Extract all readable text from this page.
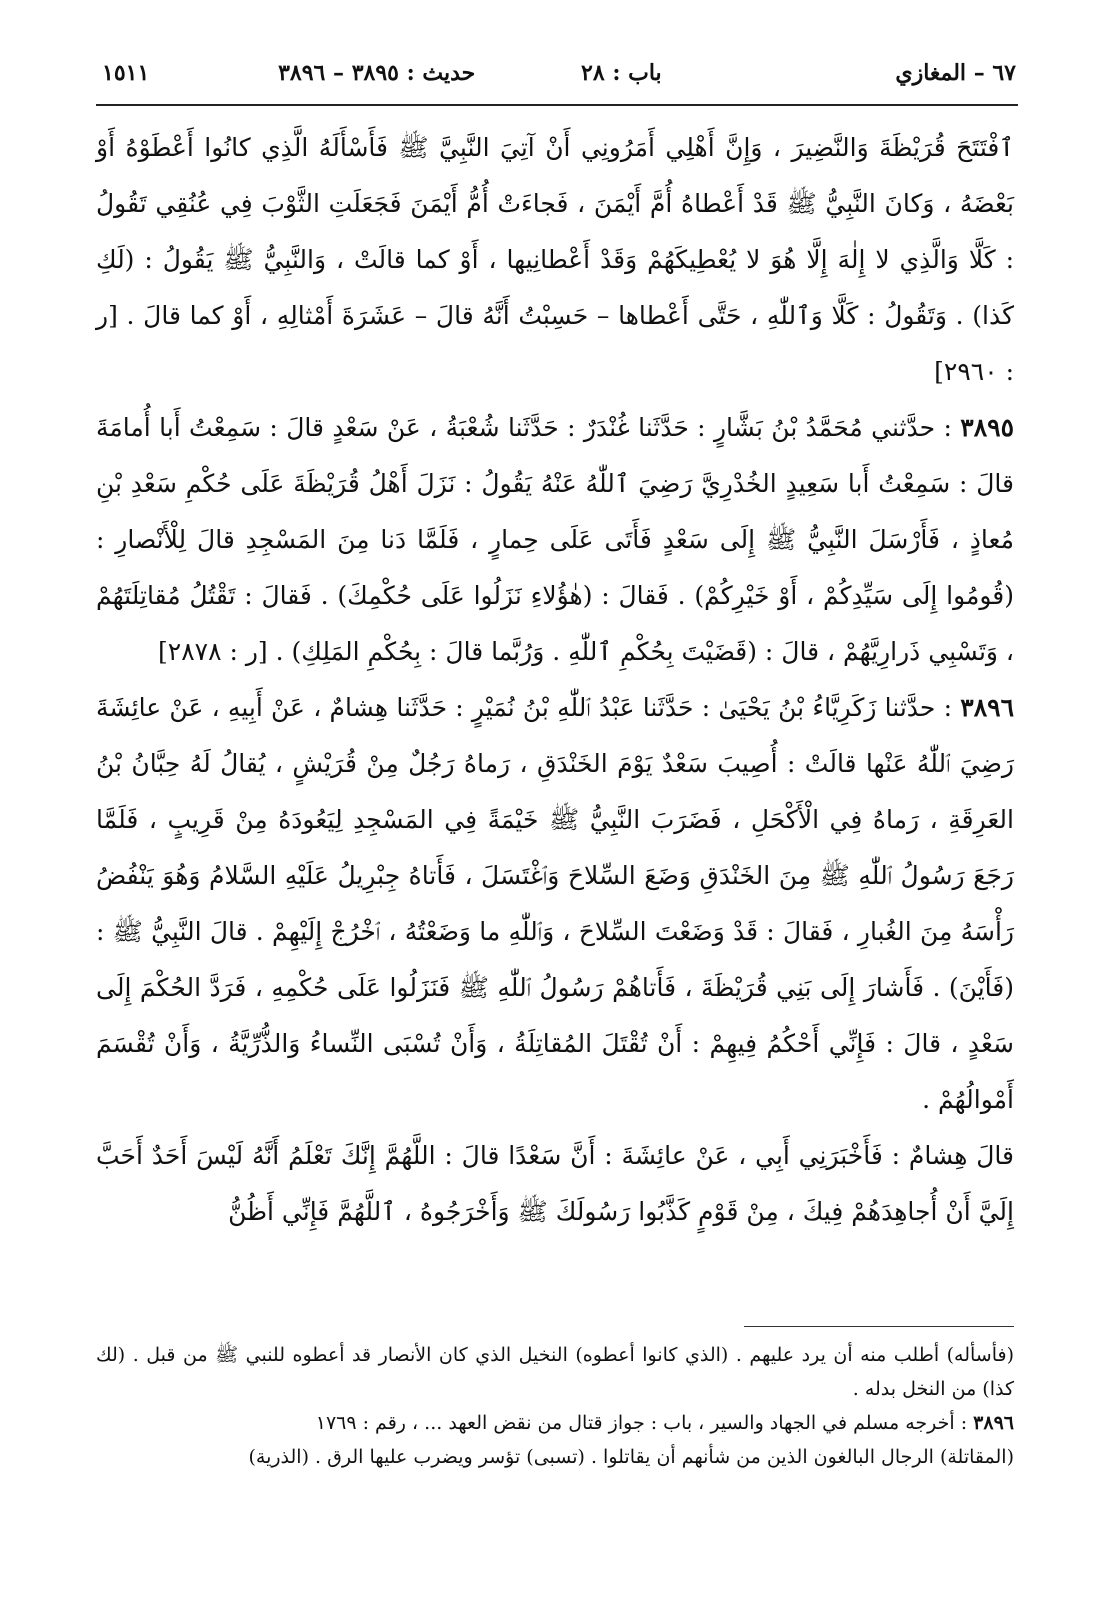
٦٧ – المغازي
باب : ٢٨
حديث : ٣٨٩٥ – ٣٨٩٦
١٥١١

ٱفْتَتَحَ قُرَيْظَةَ وَالنَّضِيرَ ، وَإِنَّ أَهْلِي أَمَرُونِي أَنْ آتِيَ النَّبِيَّ ﷺ فَأَسْأَلَهُ الَّذِي كانُوا أَعْطَوْهُ أَوْ بَعْضَهُ ، وَكانَ النَّبِيُّ ﷺ قَدْ أَعْطاهُ أُمَّ أَيْمَنَ ، فَجاءَتْ أُمُّ أَيْمَنَ فَجَعَلَتِ الثَّوْبَ فِي عُنُقِي تَقُولُ : كَلَّا وَالَّذِي لا إِلٰهَ إِلَّا هُوَ لا يُعْطِيكَهُمْ وَقَدْ أَعْطانِيها ، أَوْ كما قالَتْ ، وَالنَّبِيُّ ﷺ يَقُولُ : (لَكِ كَذا) . وَتَقُولُ : كَلَّا وَٱللّٰهِ ، حَتَّى أَعْطاها – حَسِبْتُ أَنَّهُ قالَ – عَشَرَةَ أَمْثالِهِ ، أَوْ كما قالَ . [ر : ٢٩٦٠]

٣٨٩٥ : حدَّثني مُحَمَّدُ بْنُ بَشَّارٍ : حَدَّثَنا غُنْدَرٌ : حَدَّثَنا شُعْبَةُ ، عَنْ سَعْدٍ قالَ : سَمِعْتُ أَبا أُمامَةَ قالَ : سَمِعْتُ أَبا سَعِيدٍ الخُدْرِيَّ رَضِيَ ٱللّٰهُ عَنْهُ يَقُولُ : نَزَلَ أَهْلُ قُرَيْظَةَ عَلَى حُكْمِ سَعْدِ بْنِ مُعاذٍ ، فَأَرْسَلَ النَّبِيُّ ﷺ إِلَى سَعْدٍ فَأَتَى عَلَى حِمارٍ ، فَلَمَّا دَنا مِنَ المَسْجِدِ قالَ لِلْأَنْصارِ : (قُومُوا إِلَى سَيِّدِكُمْ ، أَوْ خَيْرِكُمْ) . فَقالَ : (هٰؤُلاءِ نَزَلُوا عَلَى حُكْمِكَ) . فَقالَ : تَقْتُلُ مُقاتِلَتَهُمْ ، وَتَسْبِي ذَرارِيَّهُمْ ، قالَ : (قَضَيْتَ بِحُكْمِ ٱللّٰهِ . وَرُبَّما قالَ : بِحُكْمِ المَلِكِ) . [ر : ٢٨٧٨]

٣٨٩٦ : حدَّثنا زَكَرِيَّاءُ بْنُ يَحْيَىٰ : حَدَّثَنا عَبْدُ ٱللّٰهِ بْنُ نُمَيْرٍ : حَدَّثَنا هِشامٌ ، عَنْ أَبِيهِ ، عَنْ عائِشَةَ رَضِيَ ٱللّٰهُ عَنْها قالَتْ : أُصِيبَ سَعْدٌ يَوْمَ الخَنْدَقِ ، رَماهُ رَجُلٌ مِنْ قُرَيْشٍ ، يُقالُ لَهُ حِبَّانُ بْنُ العَرِقَةِ ، رَماهُ فِي الْأَكْحَلِ ، فَضَرَبَ النَّبِيُّ ﷺ خَيْمَةً فِي المَسْجِدِ لِيَعُودَهُ مِنْ قَرِيبٍ ، فَلَمَّا رَجَعَ رَسُولُ ٱللّٰهِ ﷺ مِنَ الخَنْدَقِ وَضَعَ السِّلاحَ وَٱغْتَسَلَ ، فَأَتاهُ جِبْرِيلُ عَلَيْهِ السَّلامُ وَهُوَ يَنْفُضُ رَأْسَهُ مِنَ الغُبارِ ، فَقالَ : قَدْ وَضَعْتَ السِّلاحَ ، وَٱللّٰهِ ما وَضَعْتُهُ ، ٱخْرُجْ إِلَيْهِمْ . قالَ النَّبِيُّ ﷺ : (فَأَيْنَ) . فَأَشارَ إِلَى بَنِي قُرَيْظَةَ ، فَأَتاهُمْ رَسُولُ ٱللّٰهِ ﷺ فَنَزَلُوا عَلَى حُكْمِهِ ، فَرَدَّ الحُكْمَ إِلَى سَعْدٍ ، قالَ : فَإِنِّي أَحْكُمُ فِيهِمْ : أَنْ تُقْتَلَ المُقاتِلَةُ ، وَأَنْ تُسْبَى النِّساءُ وَالذُّرِّيَّةُ ، وَأَنْ تُقْسَمَ أَمْوالُهُمْ .

قالَ هِشامٌ : فَأَخْبَرَنِي أَبِي ، عَنْ عائِشَةَ : أَنَّ سَعْدًا قالَ : اللَّهُمَّ إِنَّكَ تَعْلَمُ أَنَّهُ لَيْسَ أَحَدٌ أَحَبَّ إِلَيَّ أَنْ أُجاهِدَهُمْ فِيكَ ، مِنْ قَوْمٍ كَذَّبُوا رَسُولَكَ ﷺ وَأَخْرَجُوهُ ، ٱللَّهُمَّ فَإِنِّي أَظُنُّ

(فأسأله) أطلب منه أن يرد عليهم . (الذي كانوا أعطوه) النخيل الذي كان الأنصار قد أعطوه للنبي ﷺ من قبل . (لك كذا) من النخل بدله .

٣٨٩٦ : أخرجه مسلم في الجهاد والسير ، باب : جواز قتال من نقض العهد ... ، رقم : ١٧٦٩

(المقاتلة) الرجال البالغون الذين من شأنهم أن يقاتلوا . (تسبى) تؤسر ويضرب عليها الرق . (الذرية)
